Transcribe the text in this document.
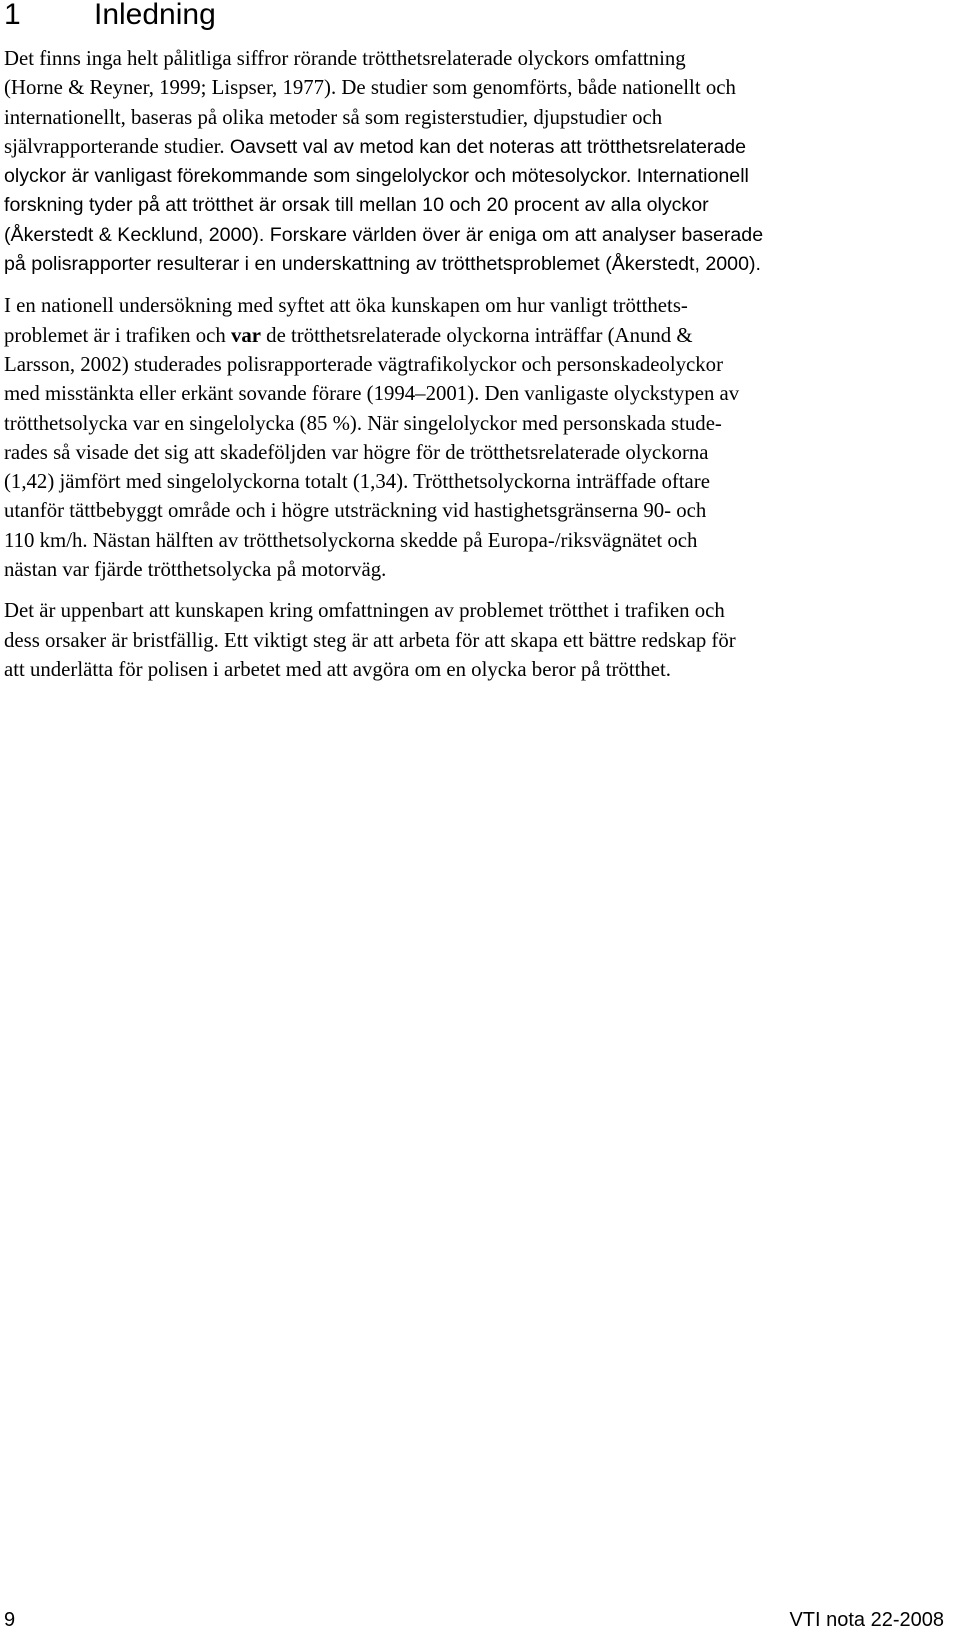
1 Inledning

Det finns inga helt pålitliga siffror rörande trötthetsrelaterade olyckors omfattning
(Horne & Reyner, 1999; Lispser, 1977). De studier som genomförts, både nationellt och
internationellt, baseras på olika metoder så som registerstudier, djupstudier och
självrapporterande studier. Oavsett val av metod kan det noteras att trötthetsrelaterade
olyckor är vanligast förekommande som singelolyckor och mötesolyckor. Internationell
forskning tyder på att trötthet är orsak till mellan 10 och 20 procent av alla olyckor
(Åkerstedt & Kecklund, 2000). Forskare världen över är eniga om att analyser baserade
på polisrapporter resulterar i en underskattning av trötthetsproblemet (Åkerstedt, 2000).

I en nationell undersökning med syftet att öka kunskapen om hur vanligt trötthets-
problemet är i trafiken och var de trötthetsrelaterade olyckorna inträffar (Anund &
Larsson, 2002) studerades polisrapporterade vägtrafikolyckor och personskadeolyckor
med misstänkta eller erkänt sovande förare (1994–2001). Den vanligaste olyckstypen av
trötthetsolycka var en singelolycka (85 %). När singelolyckor med personskada stude-
rades så visade det sig att skadeföljden var högre för de trötthetsrelaterade olyckorna
(1,42) jämfört med singelolyckorna totalt (1,34). Trötthetsolyckorna inträffade oftare
utanför tättbebyggt område och i högre utsträckning vid hastighetsgränserna 90- och
110 km/h. Nästan hälften av trötthetsolyckorna skedde på Europa-/riksvägnätet och
nästan var fjärde trötthetsolycka på motorväg.

Det är uppenbart att kunskapen kring omfattningen av problemet trötthet i trafiken och
dess orsaker är bristfällig. Ett viktigt steg är att arbeta för att skapa ett bättre redskap för
att underlätta för polisen i arbetet med att avgöra om en olycka beror på trötthet.

9	VTI nota 22-2008
